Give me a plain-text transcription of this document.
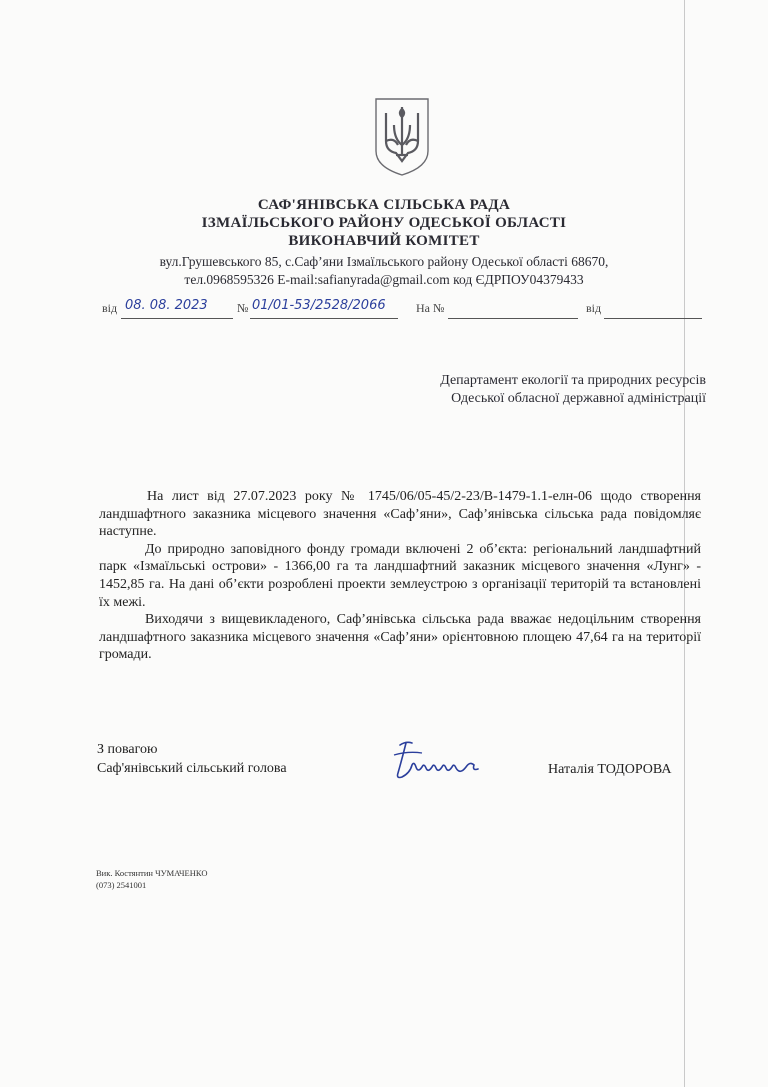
САФ'ЯНІВСЬКА СІЛЬСЬКА РАДА
ІЗМАЇЛЬСЬКОГО РАЙОНУ ОДЕСЬКОЇ ОБЛАСТІ
ВИКОНАВЧИЙ КОМІТЕТ
вул.Грушевського 85, с.Саф’яни Ізмаїльського району Одеської області 68670,
тел.0968595326 E-mail:safianyrada@gmail.com код ЄДРПОУ04379433
від 08. 08. 2023 № 01/01-53/2528/2066	На №	від
Департамент екології та природних ресурсів
Одеської обласної державної адміністрації

На лист від 27.07.2023 року № 1745/06/05-45/2-23/В-1479-1.1-елн-06 щодо створення ландшафтного заказника місцевого значення «Саф’яни», Саф’янівська сільська рада повідомляє наступне.

До природно заповідного фонду громади включені 2 об’єкта: регіональний ландшафтний парк «Ізмаїльські острови» - 1366,00 га та ландшафтний заказник місцевого значення «Лунг» - 1452,85 га. На дані об’єкти розроблені проекти землеустрою з організації територій та встановлені їх межі.

Виходячи з вищевикладеного, Саф’янівська сільська рада вважає недоцільним створення ландшафтного заказника місцевого значення «Саф’яни» орієнтовною площею 47,64 га на території громади.

З повагою
Саф'янівський сільський голова	Наталія ТОДОРОВА
Вик. Костянтин ЧУМАЧЕНКО
(073) 2541001
